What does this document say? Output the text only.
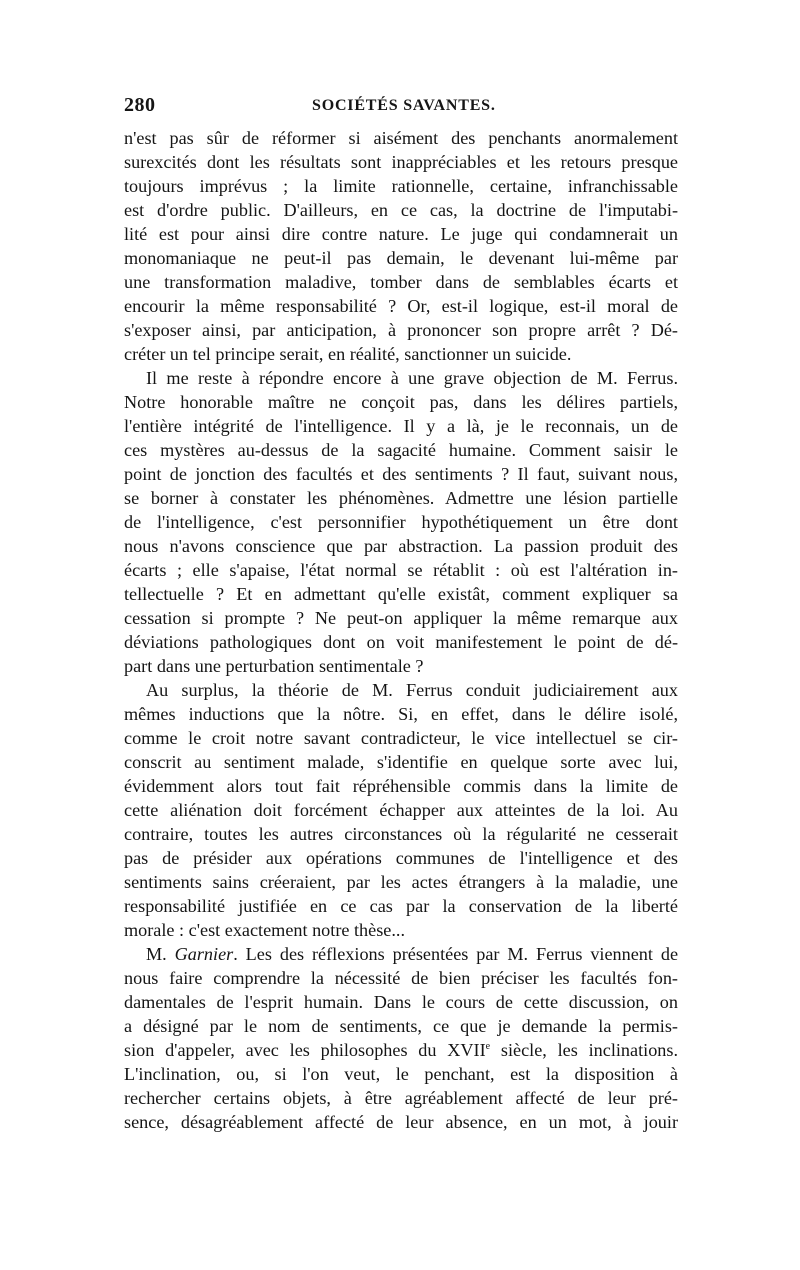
280	SOCIÉTÉS SAVANTES.
n'est pas sûr de réformer si aisément des penchants anormalement
surexcités dont les résultats sont inappréciables et les retours presque
toujours imprévus ; la limite rationnelle, certaine, infranchissable
est d'ordre public. D'ailleurs, en ce cas, la doctrine de l'imputabi-
lité est pour ainsi dire contre nature. Le juge qui condamnerait un
monomaniaque ne peut-il pas demain, le devenant lui-même par
une transformation maladive, tomber dans de semblables écarts et
encourir la même responsabilité ? Or, est-il logique, est-il moral de
s'exposer ainsi, par anticipation, à prononcer son propre arrêt ? Dé-
créter un tel principe serait, en réalité, sanctionner un suicide.
Il me reste à répondre encore à une grave objection de M. Ferrus.
Notre honorable maître ne conçoit pas, dans les délires partiels,
l'entière intégrité de l'intelligence. Il y a là, je le reconnais, un de
ces mystères au-dessus de la sagacité humaine. Comment saisir le
point de jonction des facultés et des sentiments ? Il faut, suivant nous,
se borner à constater les phénomènes. Admettre une lésion partielle
de l'intelligence, c'est personnifier hypothétiquement un être dont
nous n'avons conscience que par abstraction. La passion produit des
écarts ; elle s'apaise, l'état normal se rétablit : où est l'altération in-
tellectuelle ? Et en admettant qu'elle existât, comment expliquer sa
cessation si prompte ? Ne peut-on appliquer la même remarque aux
déviations pathologiques dont on voit manifestement le point de dé-
part dans une perturbation sentimentale ?
Au surplus, la théorie de M. Ferrus conduit judiciairement aux
mêmes inductions que la nôtre. Si, en effet, dans le délire isolé,
comme le croit notre savant contradicteur, le vice intellectuel se cir-
conscrit au sentiment malade, s'identifie en quelque sorte avec lui,
évidemment alors tout fait répréhensible commis dans la limite de
cette aliénation doit forcément échapper aux atteintes de la loi. Au
contraire, toutes les autres circonstances où la régularité ne cesserait
pas de présider aux opérations communes de l'intelligence et des
sentiments sains créeraient, par les actes étrangers à la maladie, une
responsabilité justifiée en ce cas par la conservation de la liberté
morale : c'est exactement notre thèse...
M. Garnier. Les des réflexions présentées par M. Ferrus viennent de
nous faire comprendre la nécessité de bien préciser les facultés fon-
damentales de l'esprit humain. Dans le cours de cette discussion, on
a désigné par le nom de sentiments, ce que je demande la permis-
sion d'appeler, avec les philosophes du XVIIe siècle, les inclinations.
L'inclination, ou, si l'on veut, le penchant, est la disposition à
rechercher certains objets, à être agréablement affecté de leur pré-
sence, désagréablement affecté de leur absence, en un mot, à jouir
